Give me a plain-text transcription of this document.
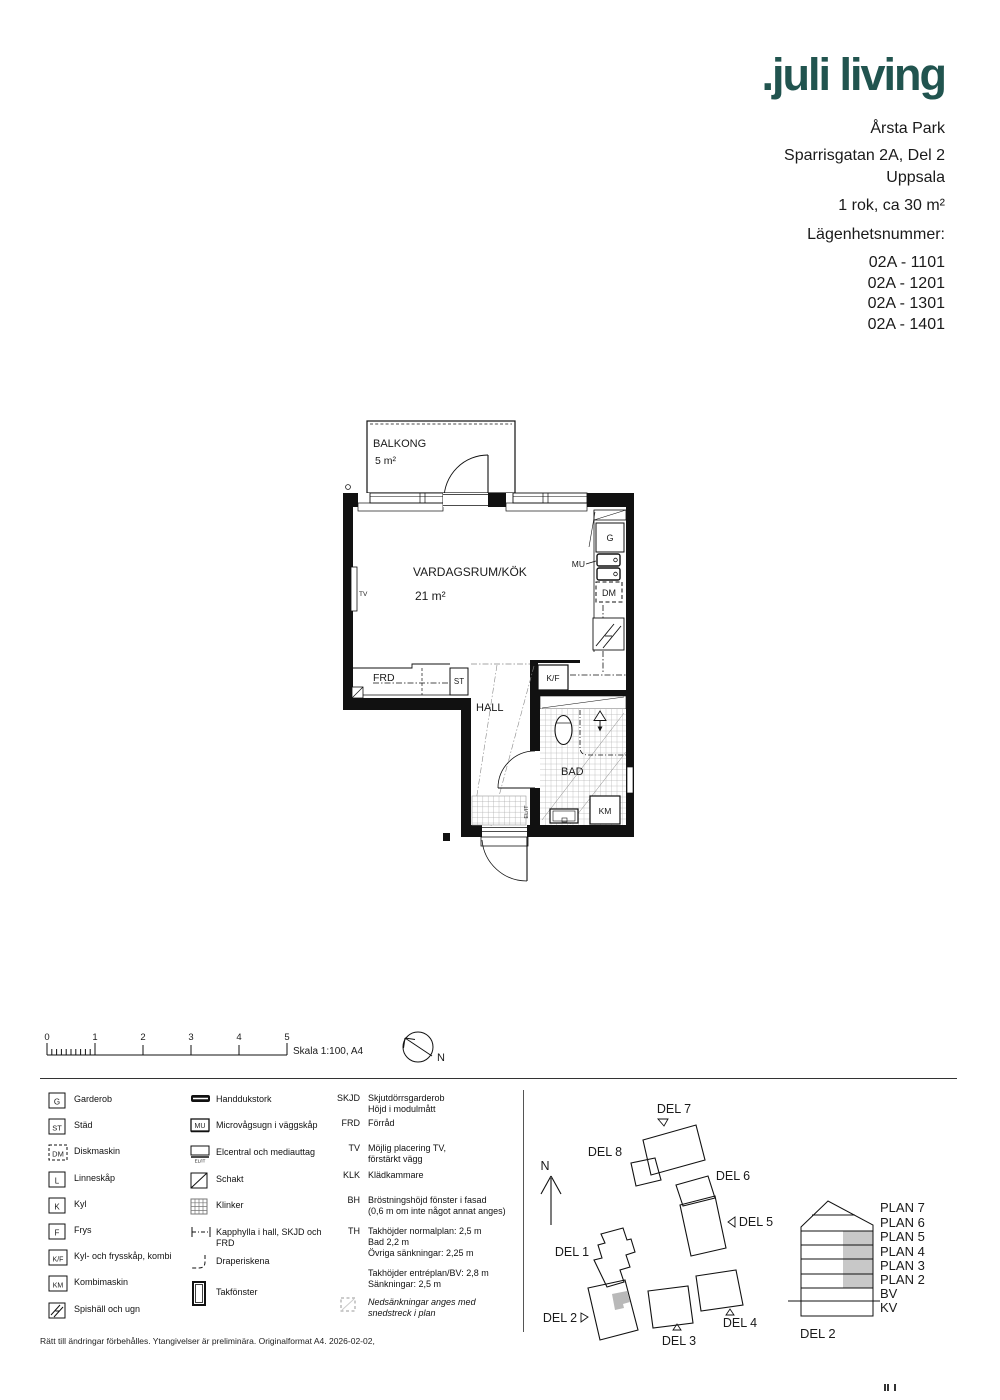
.juli living
Årsta Park
Sparrisgatan 2A, Del 2
Uppsala
1 rok, ca 30 m²
Lägenhetsnummer:
02A - 1101
02A - 1201
02A - 1301
02A - 1401
BALKONG
5 m²
TV
G
MU
DM
K/F
FRD	ST
HALL
EL/IT	KM
BAD
VARDAGSRUM/KÖK
21 m²
0	1	2	3	4	5
Skala 1:100, A4
N
G Garderob
ST Städ
DM Diskmaskin
L Linneskåp
K Kyl
F Frys
K/F Kyl- och frysskåp, kombi
KM Kombimaskin
Spishäll och ugn
Handdukstork
MU Microvågsugn i väggskåp
EL/IT
Elcentral och mediauttag
Schakt
Klinker
Kapphylla i hall, SKJD och FRD
Draperiskena
Takfönster
SKJD Skjutdörrsgarderob
Höjd i modulmått
FRD Förråd
TV Möjlig placering TV,
förstärkt vägg
KLK Klädkammare
BH Bröstningshöjd fönster i fasad
(0,6 m om inte något annat anges)
TH Takhöjder normalplan: 2,5 m
Bad 2,2 m
Övriga sänkningar: 2,25 m
Takhöjder entréplan/BV: 2,8 m
Sänkningar: 2,5 m
Nedsänkningar anges med
snedstreck i plan
N
DEL 7
DEL 8
DEL 6
DEL 5
DEL 1
DEL 2
DEL 3
DEL 4
PLAN 7
PLAN 6
PLAN 5
PLAN 4
PLAN 3
PLAN 2
BV
KV
DEL 2
Rätt till ändringar förbehålles. Ytangivelser är preliminära. Originalformat A4. 2026-02-02,
